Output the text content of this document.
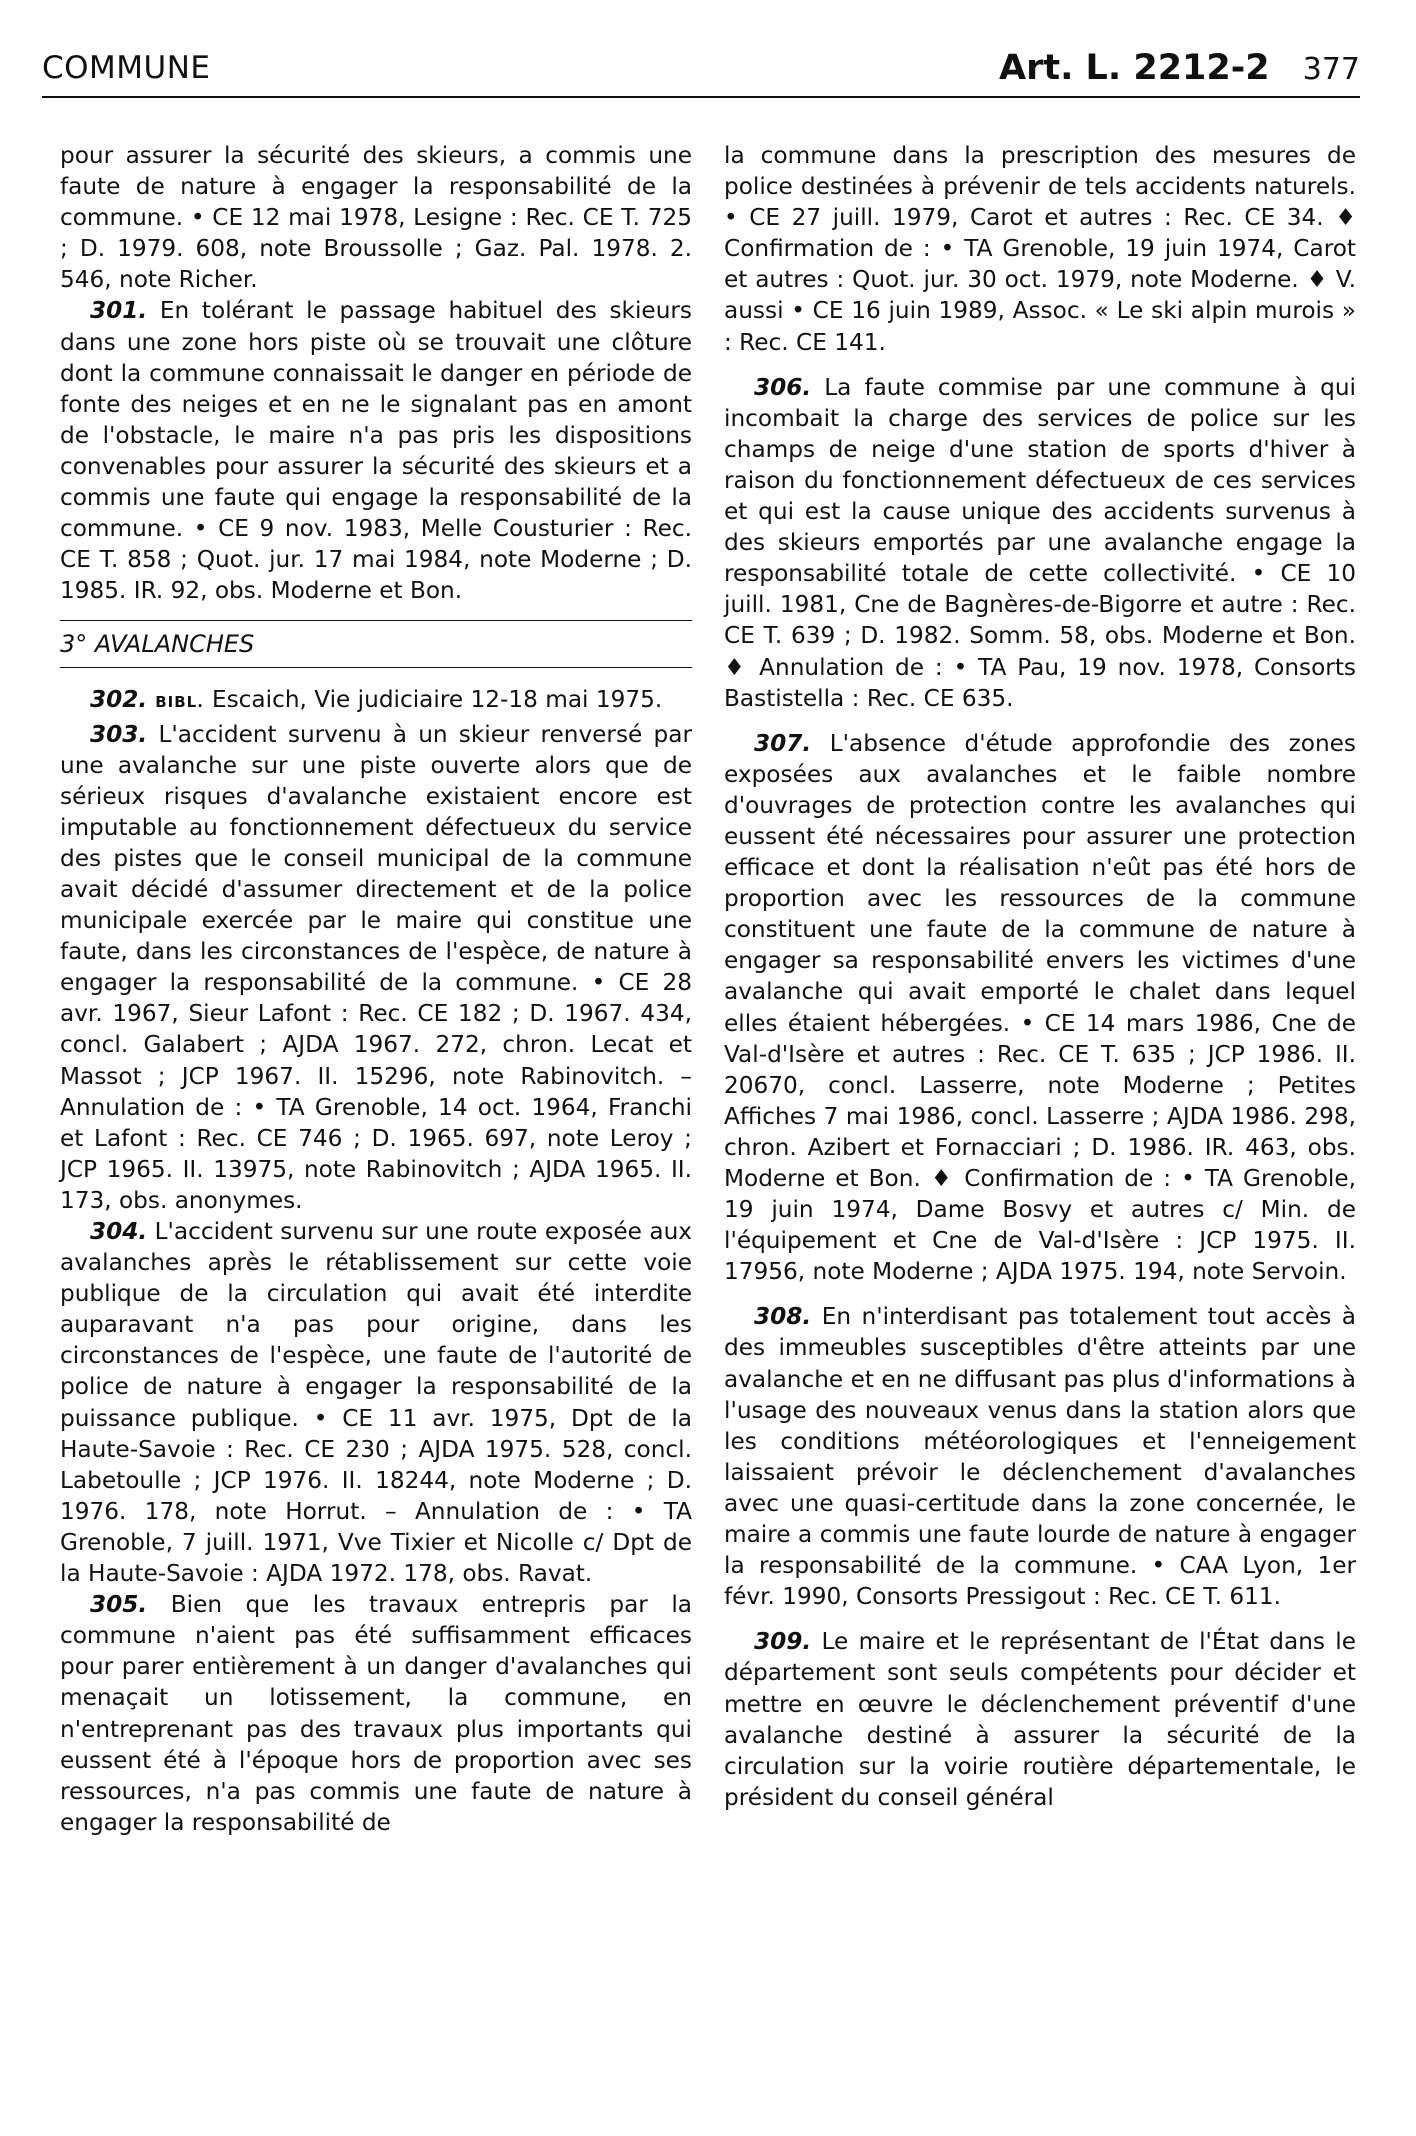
COMMUNE	Art. L. 2212-2 377

pour assurer la sécurité des skieurs, a commis une faute de nature à engager la responsabilité de la commune. • CE 12 mai 1978, Lesigne : Rec. CE T. 725 ; D. 1979. 608, note Broussolle ; Gaz. Pal. 1978. 2. 546, note Richer.

301. En tolérant le passage habituel des skieurs dans une zone hors piste où se trouvait une clôture dont la commune connaissait le danger en période de fonte des neiges et en ne le signalant pas en amont de l'obstacle, le maire n'a pas pris les dispositions convenables pour assurer la sécurité des skieurs et a commis une faute qui engage la responsabilité de la commune. • CE 9 nov. 1983, Melle Cousturier : Rec. CE T. 858 ; Quot. jur. 17 mai 1984, note Moderne ; D. 1985. IR. 92, obs. Moderne et Bon.

3° AVALANCHES

302. BIBL. Escaich, Vie judiciaire 12-18 mai 1975.

303. L'accident survenu à un skieur renversé par une avalanche sur une piste ouverte alors que de sérieux risques d'avalanche existaient encore est imputable au fonctionnement défectueux du service des pistes que le conseil municipal de la commune avait décidé d'assumer directement et de la police municipale exercée par le maire qui constitue une faute, dans les circonstances de l'espèce, de nature à engager la responsabilité de la commune. • CE 28 avr. 1967, Sieur Lafont : Rec. CE 182 ; D. 1967. 434, concl. Galabert ; AJDA 1967. 272, chron. Lecat et Massot ; JCP 1967. II. 15296, note Rabinovitch. – Annulation de : • TA Grenoble, 14 oct. 1964, Franchi et Lafont : Rec. CE 746 ; D. 1965. 697, note Leroy ; JCP 1965. II. 13975, note Rabinovitch ; AJDA 1965. II. 173, obs. anonymes.

304. L'accident survenu sur une route exposée aux avalanches après le rétablissement sur cette voie publique de la circulation qui avait été interdite auparavant n'a pas pour origine, dans les circonstances de l'espèce, une faute de l'autorité de police de nature à engager la responsabilité de la puissance publique. • CE 11 avr. 1975, Dpt de la Haute-Savoie : Rec. CE 230 ; AJDA 1975. 528, concl. Labetoulle ; JCP 1976. II. 18244, note Moderne ; D. 1976. 178, note Horrut. – Annulation de : • TA Grenoble, 7 juill. 1971, Vve Tixier et Nicolle c/ Dpt de la Haute-Savoie : AJDA 1972. 178, obs. Ravat.

305. Bien que les travaux entrepris par la commune n'aient pas été suffisamment efficaces pour parer entièrement à un danger d'avalanches qui menaçait un lotissement, la commune, en n'entreprenant pas des travaux plus importants qui eussent été à l'époque hors de proportion avec ses ressources, n'a pas commis une faute de nature à engager la responsabilité de

la commune dans la prescription des mesures de police destinées à prévenir de tels accidents naturels. • CE 27 juill. 1979, Carot et autres : Rec. CE 34. ♦ Confirmation de : • TA Grenoble, 19 juin 1974, Carot et autres : Quot. jur. 30 oct. 1979, note Moderne. ♦ V. aussi • CE 16 juin 1989, Assoc. « Le ski alpin murois » : Rec. CE 141.

306. La faute commise par une commune à qui incombait la charge des services de police sur les champs de neige d'une station de sports d'hiver à raison du fonctionnement défectueux de ces services et qui est la cause unique des accidents survenus à des skieurs emportés par une avalanche engage la responsabilité totale de cette collectivité. • CE 10 juill. 1981, Cne de Bagnères-de-Bigorre et autre : Rec. CE T. 639 ; D. 1982. Somm. 58, obs. Moderne et Bon. ♦ Annulation de : • TA Pau, 19 nov. 1978, Consorts Bastistella : Rec. CE 635.

307. L'absence d'étude approfondie des zones exposées aux avalanches et le faible nombre d'ouvrages de protection contre les avalanches qui eussent été nécessaires pour assurer une protection efficace et dont la réalisation n'eût pas été hors de proportion avec les ressources de la commune constituent une faute de la commune de nature à engager sa responsabilité envers les victimes d'une avalanche qui avait emporté le chalet dans lequel elles étaient hébergées. • CE 14 mars 1986, Cne de Val-d'Isère et autres : Rec. CE T. 635 ; JCP 1986. II. 20670, concl. Lasserre, note Moderne ; Petites Affiches 7 mai 1986, concl. Lasserre ; AJDA 1986. 298, chron. Azibert et Fornacciari ; D. 1986. IR. 463, obs. Moderne et Bon. ♦ Confirmation de : • TA Grenoble, 19 juin 1974, Dame Bosvy et autres c/ Min. de l'équipement et Cne de Val-d'Isère : JCP 1975. II. 17956, note Moderne ; AJDA 1975. 194, note Servoin.

308. En n'interdisant pas totalement tout accès à des immeubles susceptibles d'être atteints par une avalanche et en ne diffusant pas plus d'informations à l'usage des nouveaux venus dans la station alors que les conditions météorologiques et l'enneigement laissaient prévoir le déclenchement d'avalanches avec une quasi-certitude dans la zone concernée, le maire a commis une faute lourde de nature à engager la responsabilité de la commune. • CAA Lyon, 1er févr. 1990, Consorts Pressigout : Rec. CE T. 611.

309. Le maire et le représentant de l'État dans le département sont seuls compétents pour décider et mettre en œuvre le déclenchement préventif d'une avalanche destiné à assurer la sécurité de la circulation sur la voirie routière départementale, le président du conseil général
